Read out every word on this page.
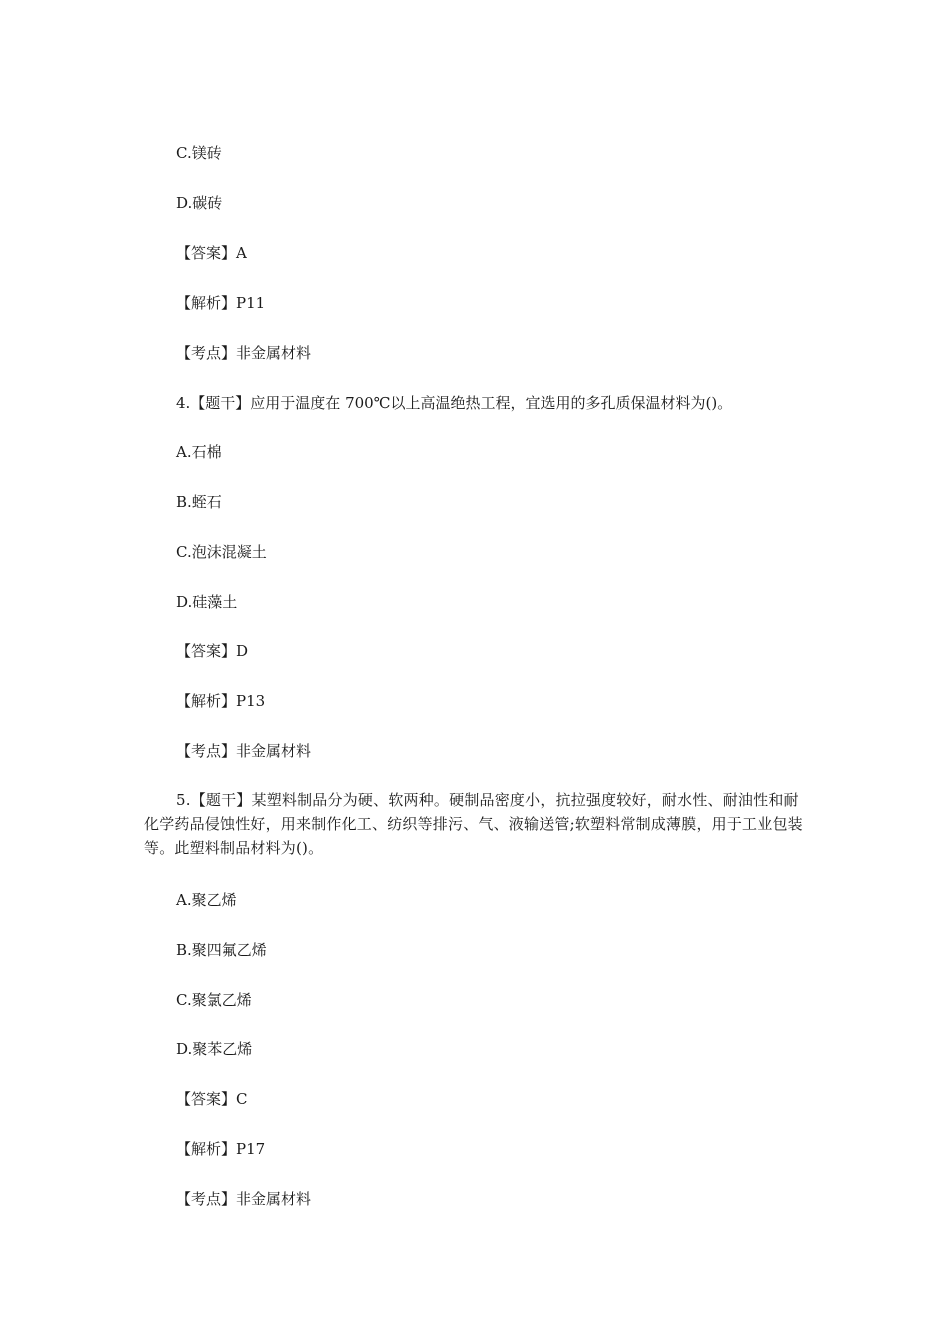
C.镁砖
D.碳砖
【答案】A
【解析】P11
【考点】非金属材料
4.【题干】应用于温度在 700℃以上高温绝热工程，宜选用的多孔质保温材料为()。
A.石棉
B.蛭石
C.泡沫混凝土
D.硅藻土
【答案】D
【解析】P13
【考点】非金属材料
5.【题干】某塑料制品分为硬、软两种。硬制品密度小，抗拉强度较好，耐水性、耐油性和耐化学药品侵蚀性好，用来制作化工、纺织等排污、气、液输送管;软塑料常制成薄膜，用于工业包装等。此塑料制品材料为()。
A.聚乙烯
B.聚四氟乙烯
C.聚氯乙烯
D.聚苯乙烯
【答案】C
【解析】P17
【考点】非金属材料
